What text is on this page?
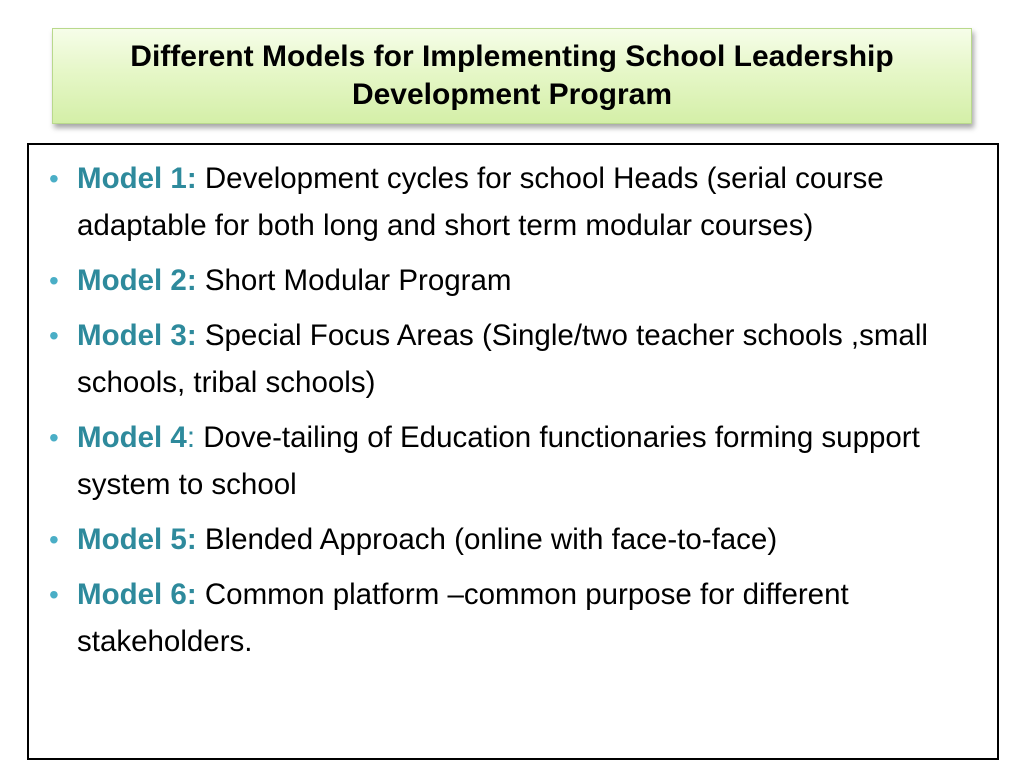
Different Models for Implementing School Leadership Development Program
• Model 1: Development cycles for school Heads (serial course adaptable for both long and short term modular courses)
• Model 2: Short Modular Program
• Model 3: Special Focus Areas (Single/two teacher schools ,small schools, tribal schools)
• Model 4: Dove-tailing of Education functionaries forming support system to school
• Model 5: Blended Approach (online with face-to-face)
• Model 6: Common platform –common purpose for different stakeholders.
